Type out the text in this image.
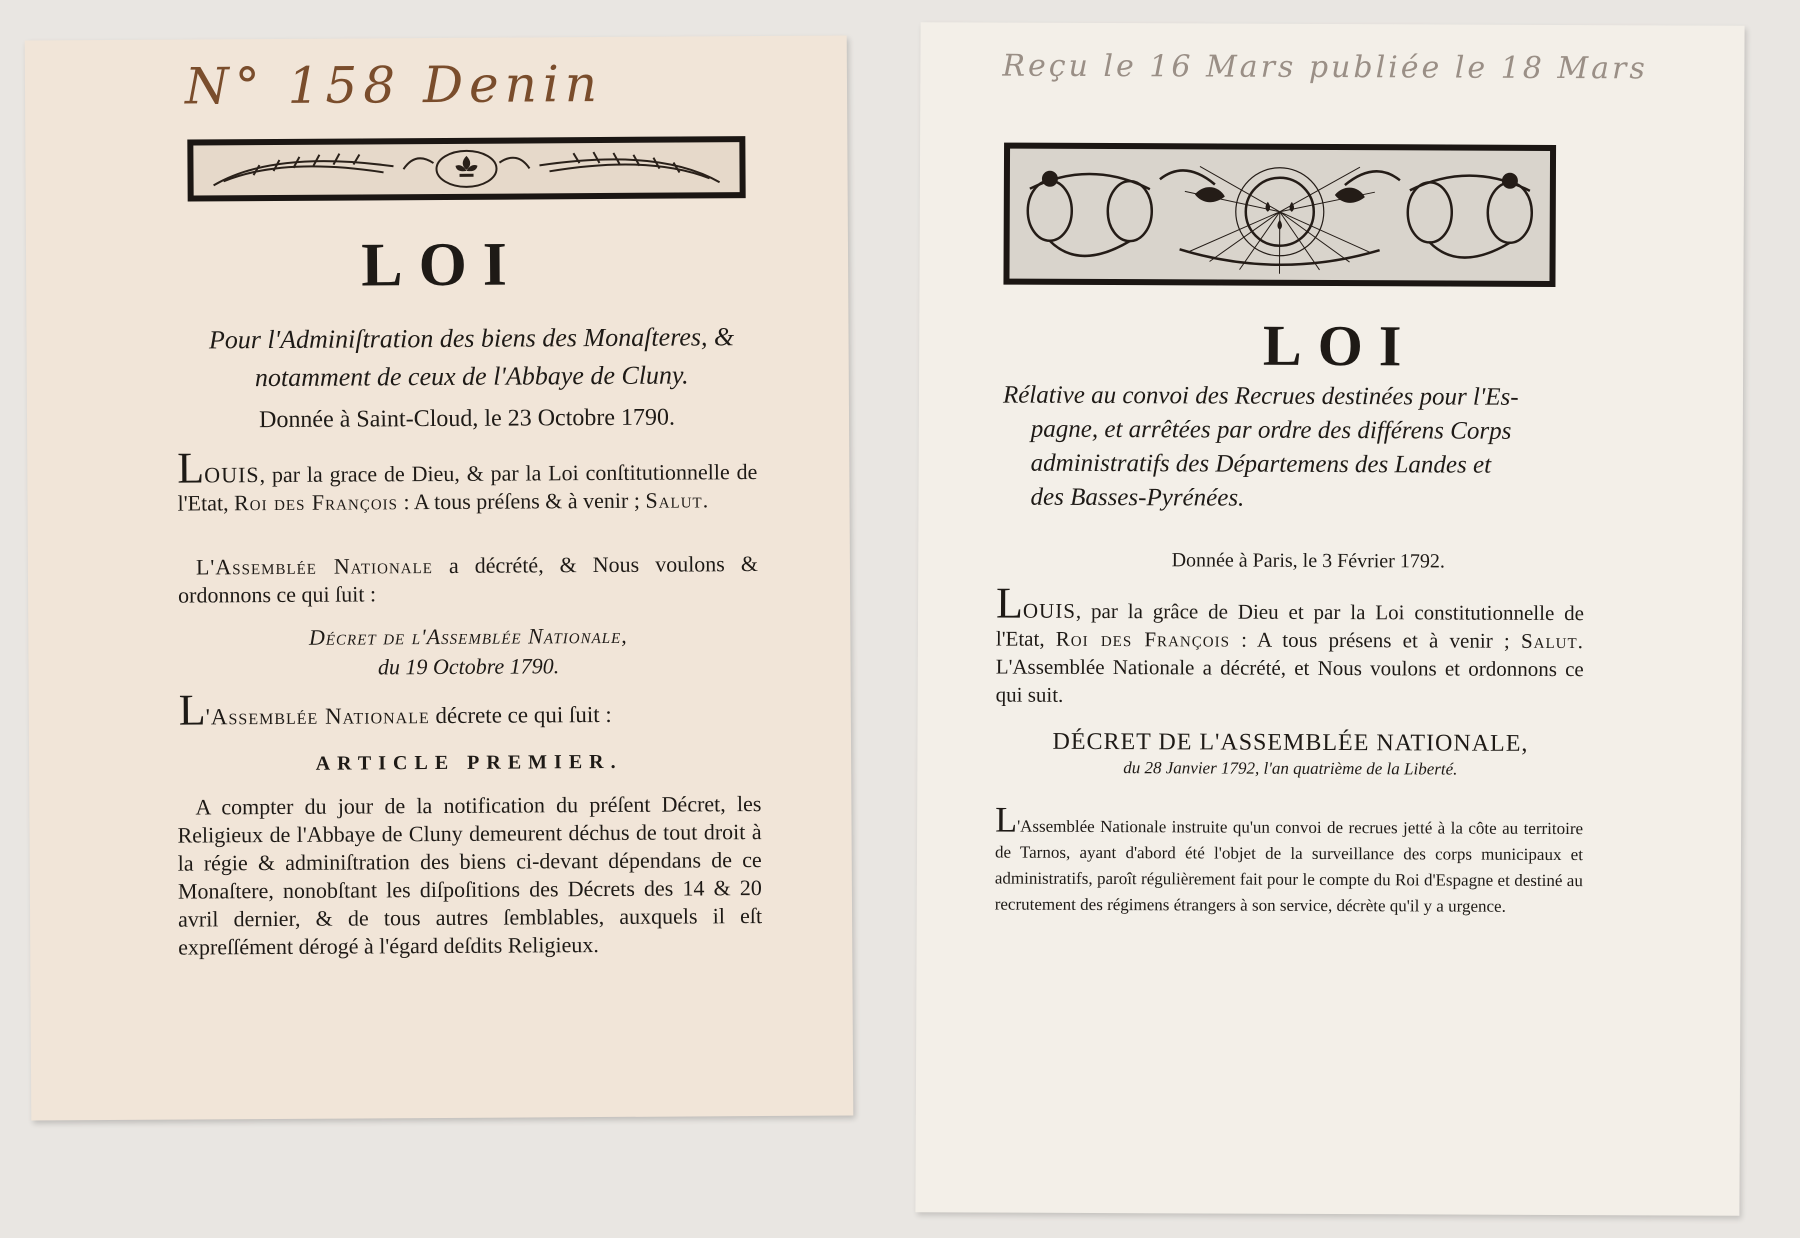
N° 158 Denin
LOI
Pour l'Adminiſtration des biens des Monaſteres, &
notamment de ceux de l'Abbaye de Cluny.
Donnée à Saint-Cloud, le 23 Octobre 1790.
LOUIS, par la grace de Dieu, & par la Loi conſtitutionnelle de l'Etat, Roi des François : A tous préſens & à venir ; Salut.
L'Assemblée Nationale a décrété, & Nous voulons & ordonnons ce qui ſuit :
Décret de l'Assemblée Nationale,
du 19 Octobre 1790.
L'Assemblée Nationale décrete ce qui ſuit :
ARTICLE PREMIER.
A compter du jour de la notification du préſent Décret, les Religieux de l'Abbaye de Cluny demeurent déchus de tout droit à la régie & adminiſtration des biens ci-devant dépendans de ce Monaſtere, nonobſtant les diſpoſitions des Décrets des 14 & 20 avril dernier, & de tous autres ſemblables, auxquels il eſt expreſſément dérogé à l'égard deſdits Religieux.
Reçu le 16 Mars publiée le 18 Mars
LOI
Rélative au convoi des Recrues destinées pour l'Es-
pagne, et arrêtées par ordre des différens Corps
administratifs des Départemens des Landes et
des Basses-Pyrénées.
Donnée à Paris, le 3 Février 1792.
LOUIS, par la grâce de Dieu et par la Loi constitutionnelle de l'Etat, Roi des François : A tous présens et à venir ; Salut. L'Assemblée Nationale a décrété, et Nous voulons et ordonnons ce qui suit.
DÉCRET DE L'ASSEMBLÉE NATIONALE,
du 28 Janvier 1792, l'an quatrième de la Liberté.
L'Assemblée Nationale instruite qu'un convoi de recrues jetté à la côte au territoire de Tarnos, ayant d'abord été l'objet de la surveillance des corps municipaux et administratifs, paroît régulièrement fait pour le compte du Roi d'Espagne et destiné au recrutement des régimens étrangers à son service, décrète qu'il y a urgence.
